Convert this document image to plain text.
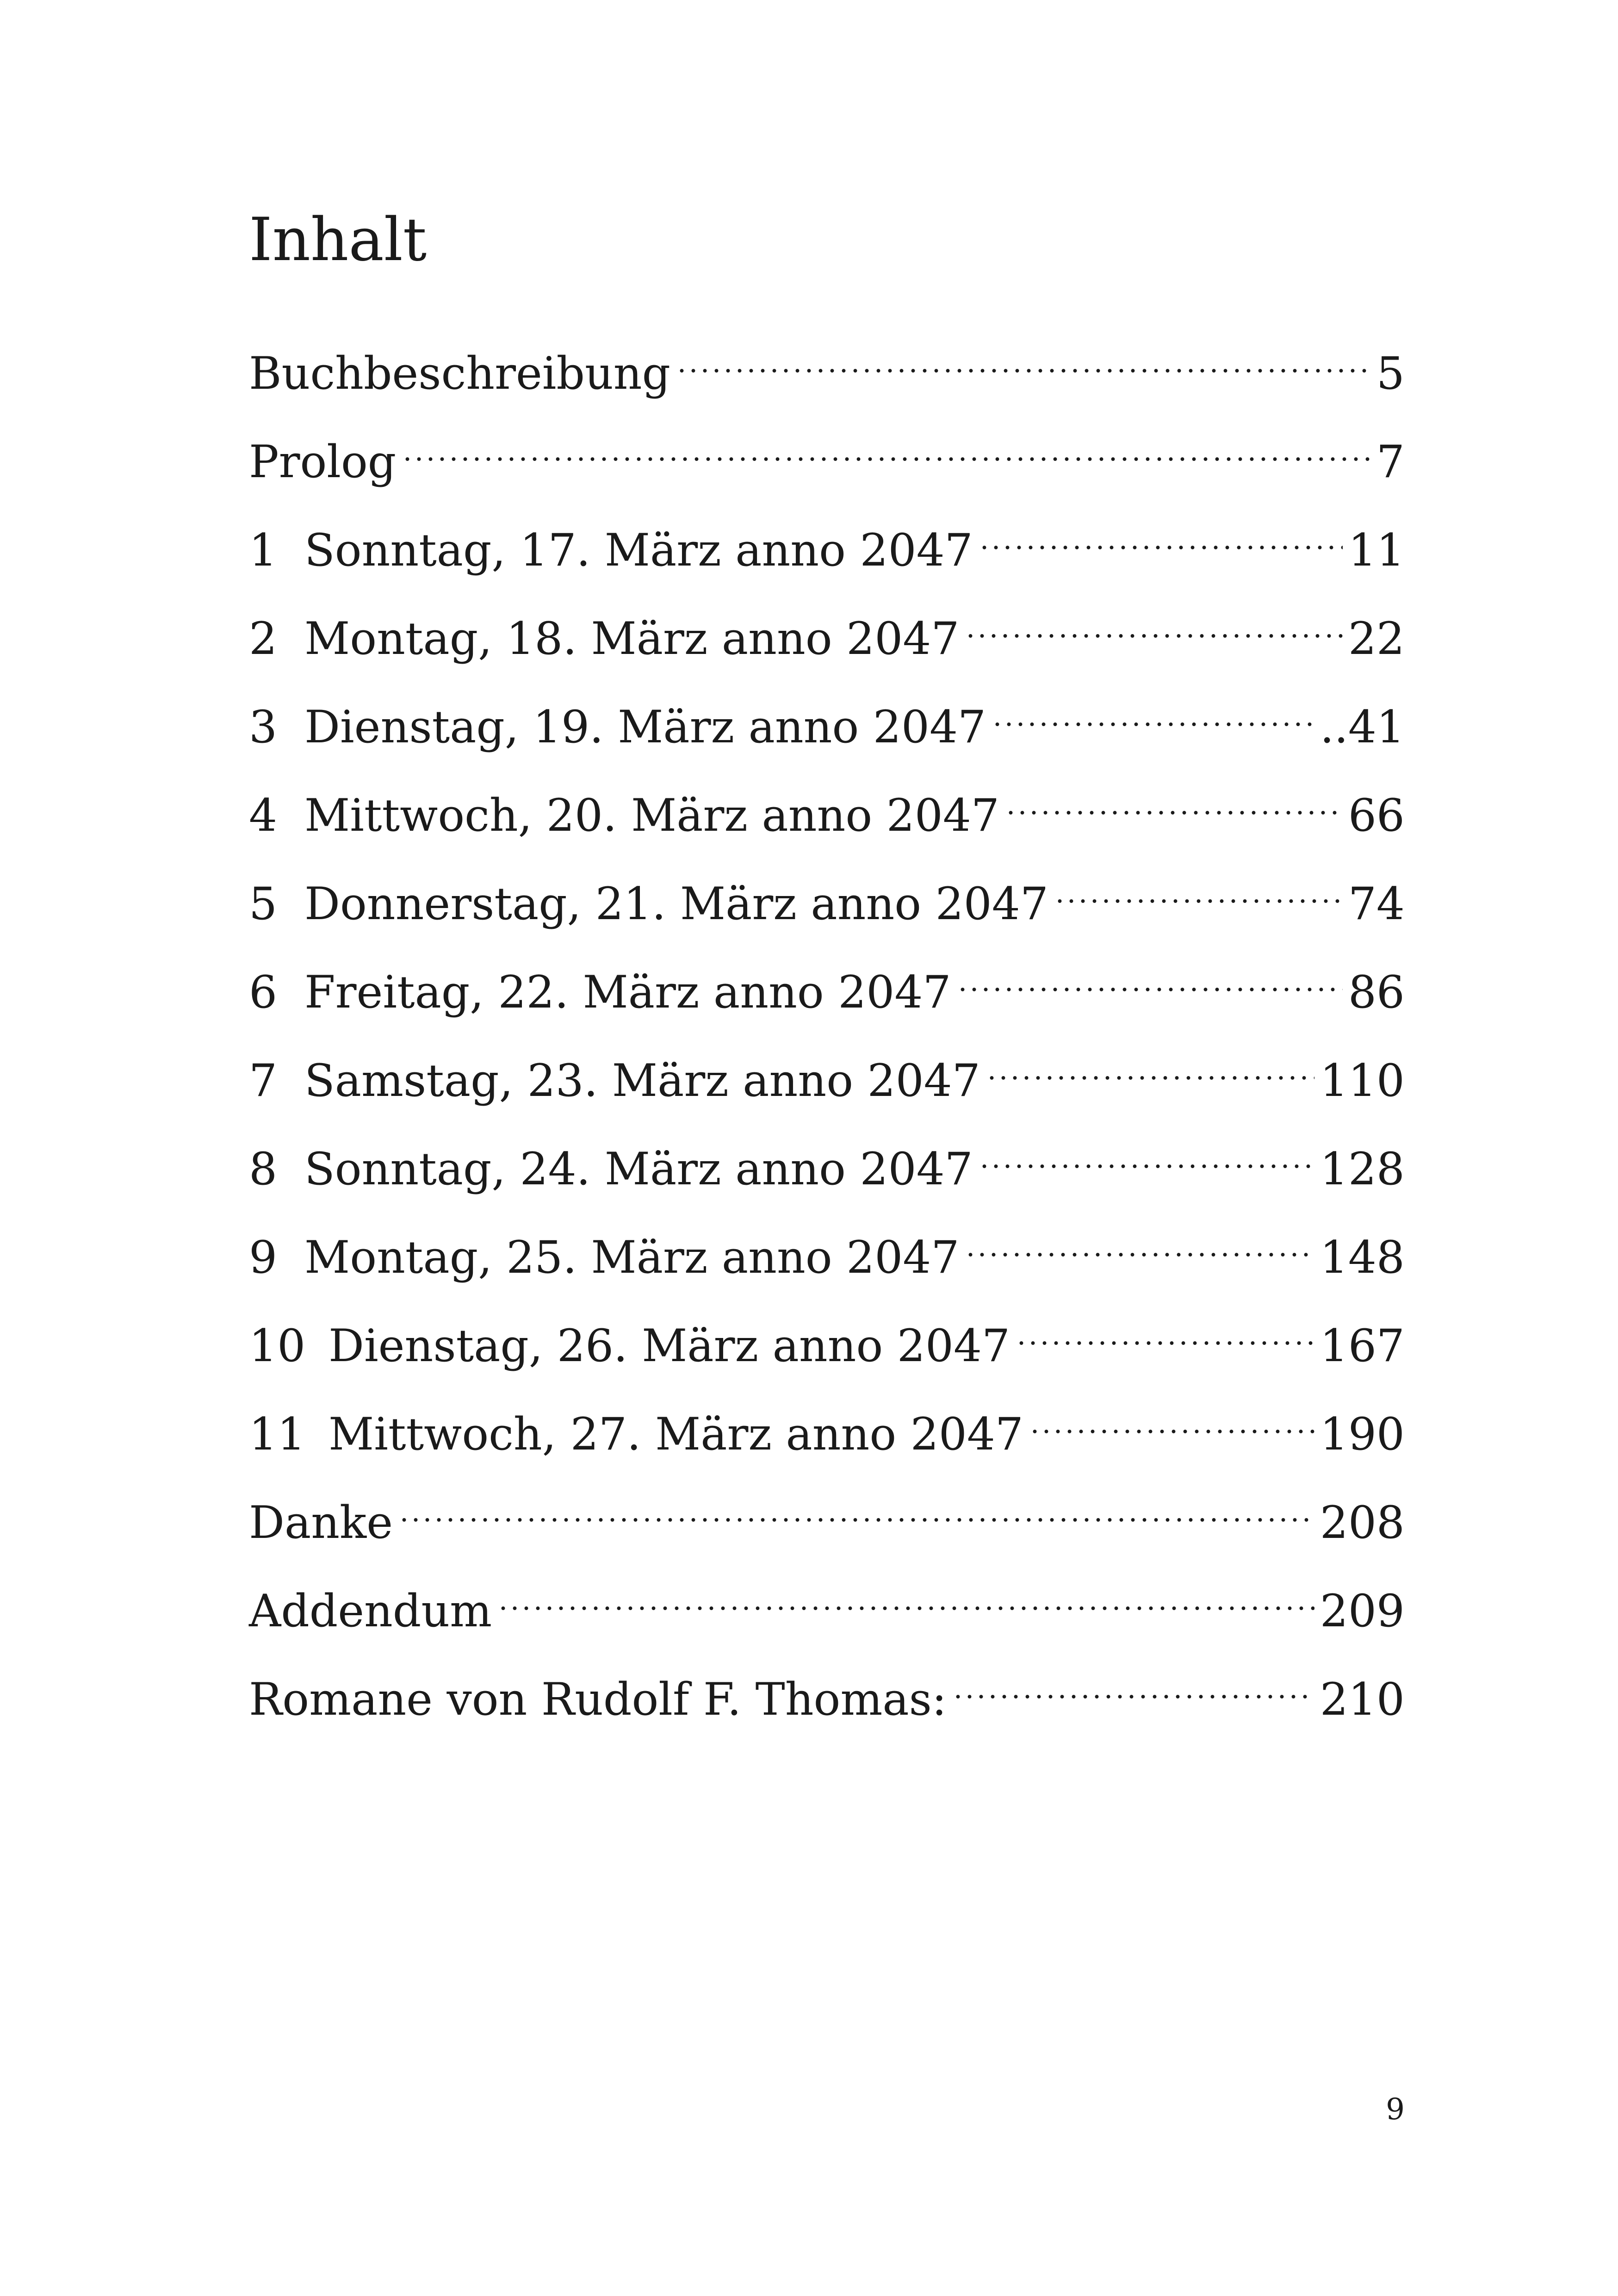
Inhalt
Buchbeschreibung	5
Prolog	7
1 Sonntag, 17. März anno 2047	11
2 Montag, 18. März anno 2047	22
3 Dienstag, 19. März anno 2047	..41
4 Mittwoch, 20. März anno 2047	66
5 Donnerstag, 21. März anno 2047	74
6 Freitag, 22. März anno 2047	86
7 Samstag, 23. März anno 2047	110
8 Sonntag, 24. März anno 2047	128
9 Montag, 25. März anno 2047	148
10 Dienstag, 26. März anno 2047	167
11 Mittwoch, 27. März anno 2047	190
Danke	208
Addendum	209
Romane von Rudolf F. Thomas:	210
9
